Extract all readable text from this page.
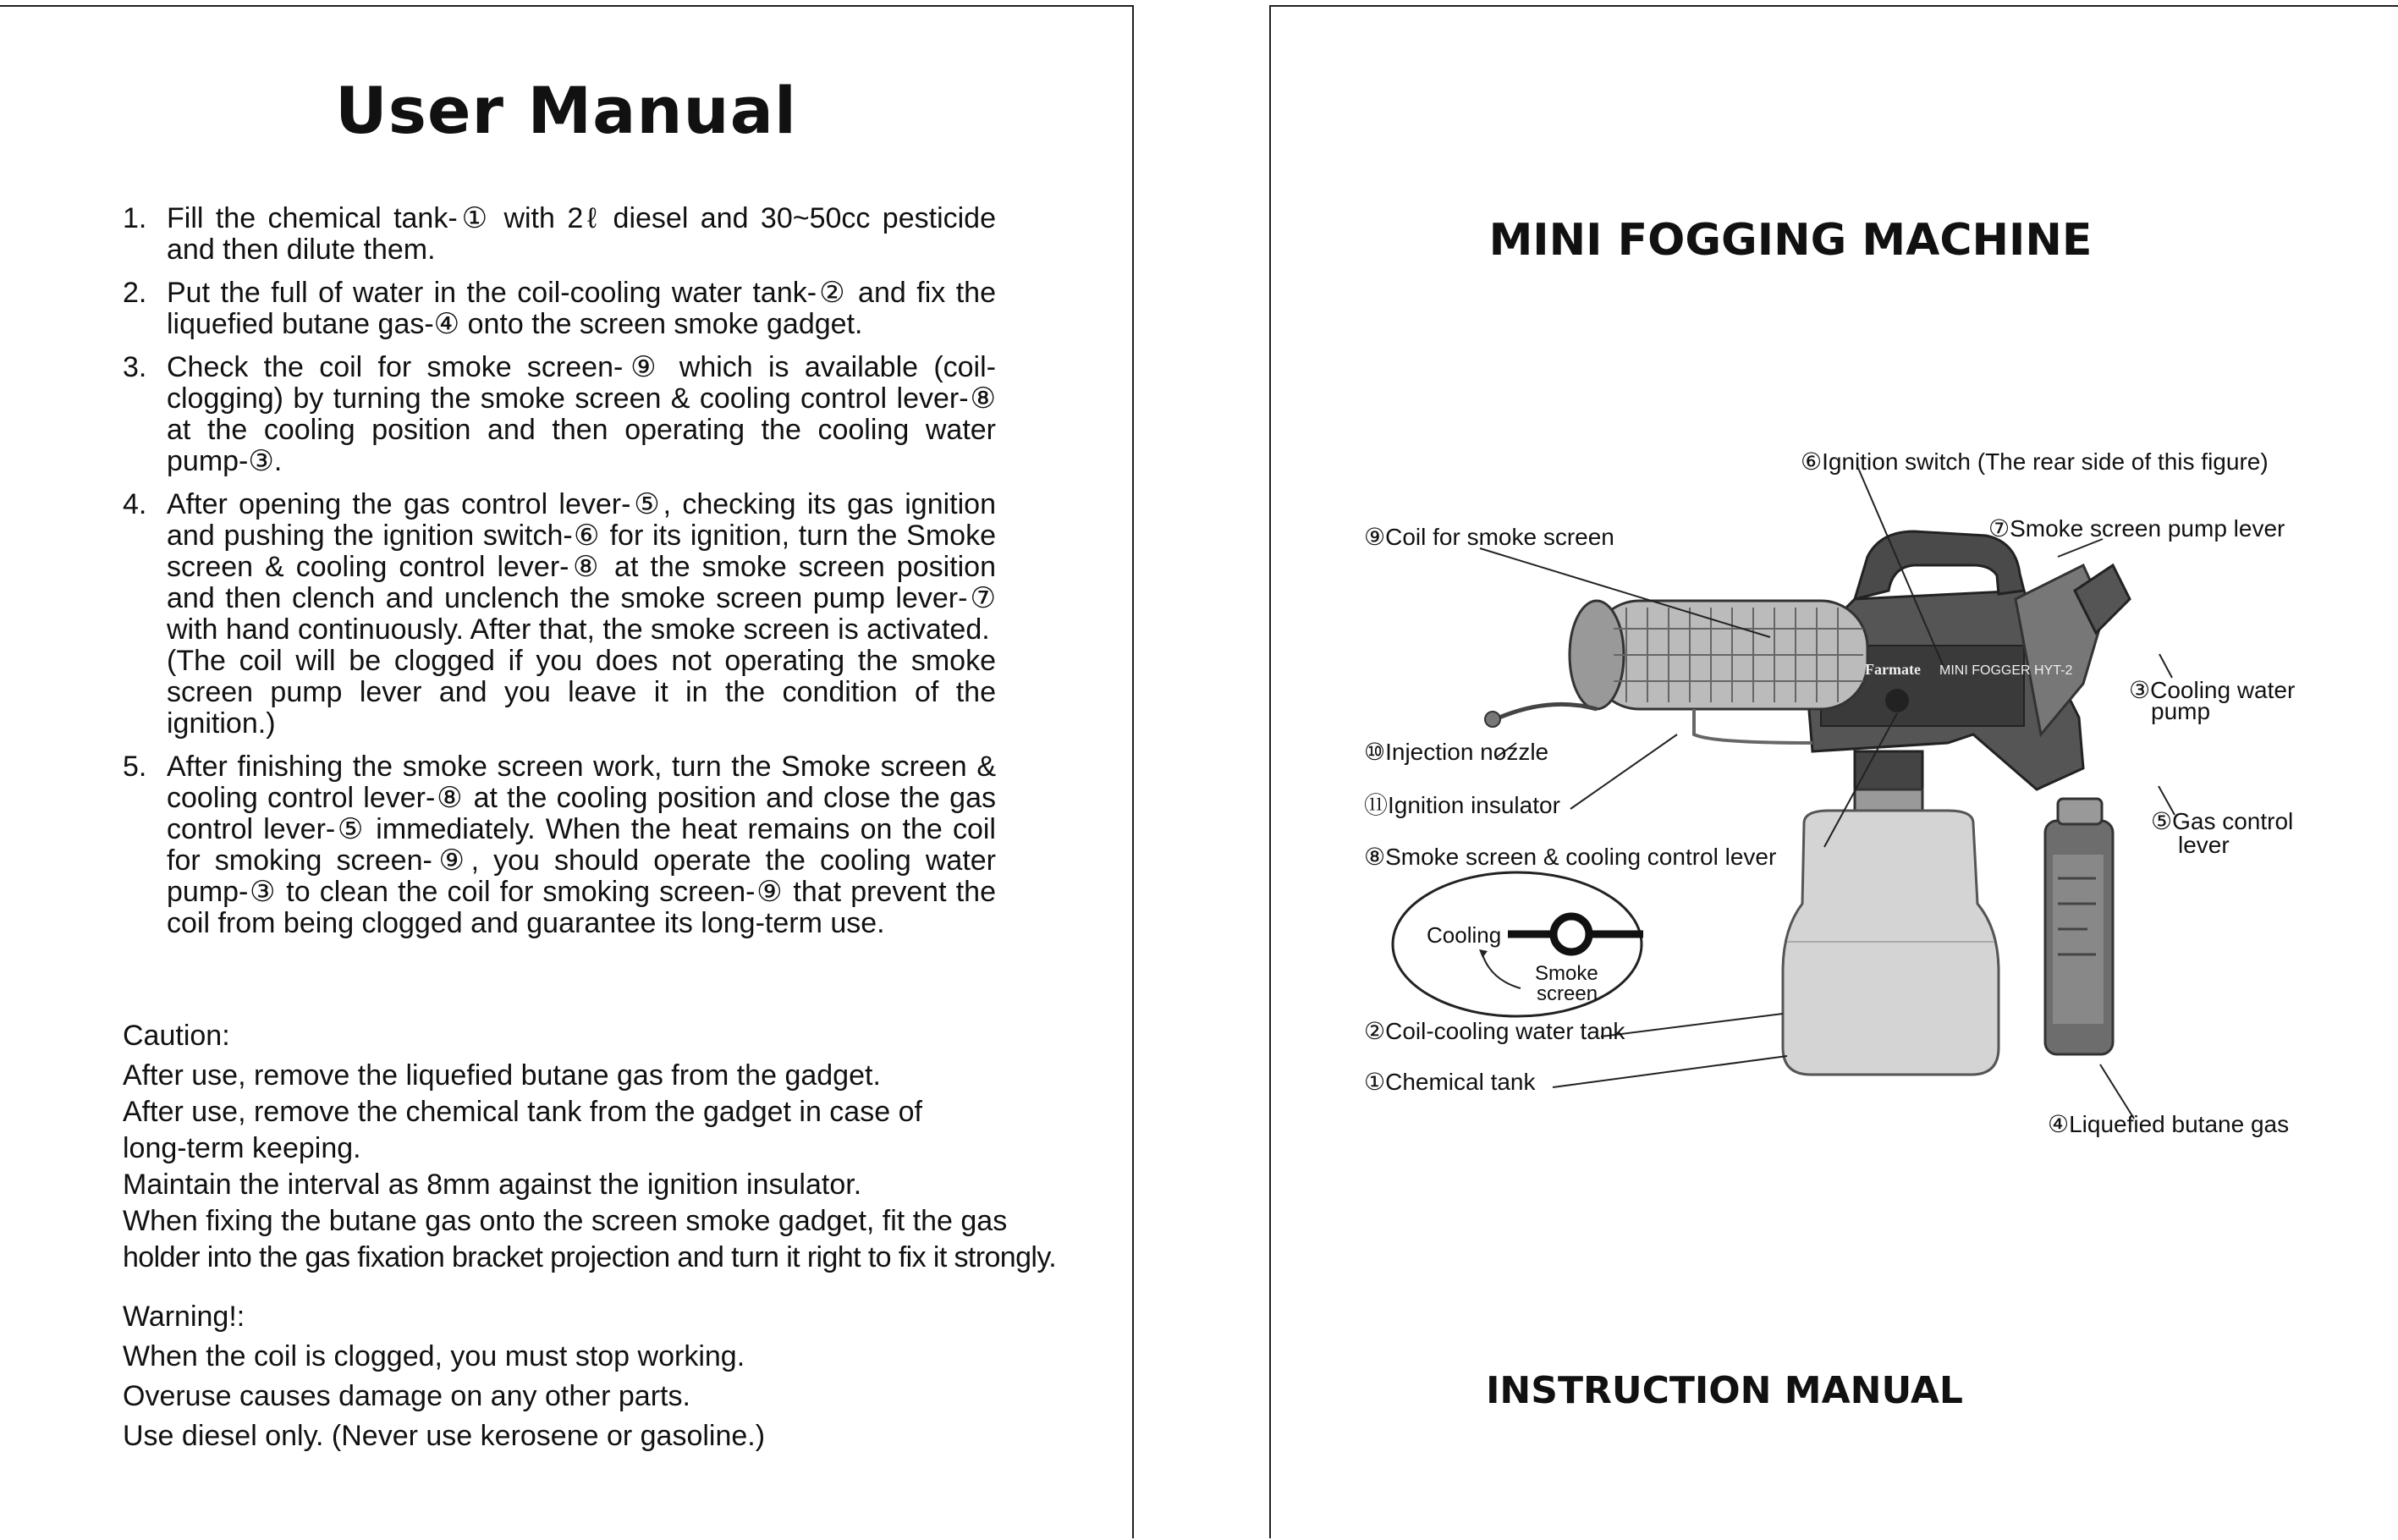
User Manual
1. Fill the chemical tank-① with 2ℓ diesel and 30~50cc pesticide and then dilute them.
2. Put the full of water in the coil-cooling water tank-② and fix the liquefied butane gas-④ onto the screen smoke gadget.
3. Check the coil for smoke screen-⑨ which is available (coil-clogging) by turning the smoke screen & cooling control lever-⑧ at the cooling position and then operating the cooling water pump-③.
4. After opening the gas control lever-⑤, checking its gas ignition and pushing the ignition switch-⑥ for its ignition, turn the Smoke screen & cooling control lever-⑧ at the smoke screen position and then clench and unclench the smoke screen pump lever-⑦ with hand continuously. After that, the smoke screen is activated.
(The coil will be clogged if you does not operating the smoke screen pump lever and you leave it in the condition of the ignition.)
5. After finishing the smoke screen work, turn the Smoke screen & cooling control lever-⑧ at the cooling position and close the gas control lever-⑤ immediately. When the heat remains on the coil for smoking screen-⑨, you should operate the cooling water pump-③ to clean the coil for smoking screen-⑨ that prevent the coil from being clogged and guarantee its long-term use.
Caution:
After use, remove the liquefied butane gas from the gadget.
After use, remove the chemical tank from the gadget in case of
long-term keeping.
Maintain the interval as 8mm against the ignition insulator.
When fixing the butane gas onto the screen smoke gadget, fit the gas
holder into the gas fixation bracket projection and turn it right to fix it strongly.
Warning!:
When the coil is clogged, you must stop working.
Overuse causes damage on any other parts.
Use diesel only. (Never use kerosene or gasoline.)
MINI FOGGING MACHINE
⑥Ignition switch (The rear side of this figure)
⑦Smoke screen pump lever
⑨Coil for smoke screen
③Cooling water
pump
⑩Injection nozzle
⑪Ignition insulator
⑧Smoke screen & cooling control lever
⑤Gas control
lever
②Coil-cooling water tank
①Chemical tank
④Liquefied butane gas
Cooling
Smoke
screen
Farmate MINI FOGGER HYT-2
INSTRUCTION MANUAL
